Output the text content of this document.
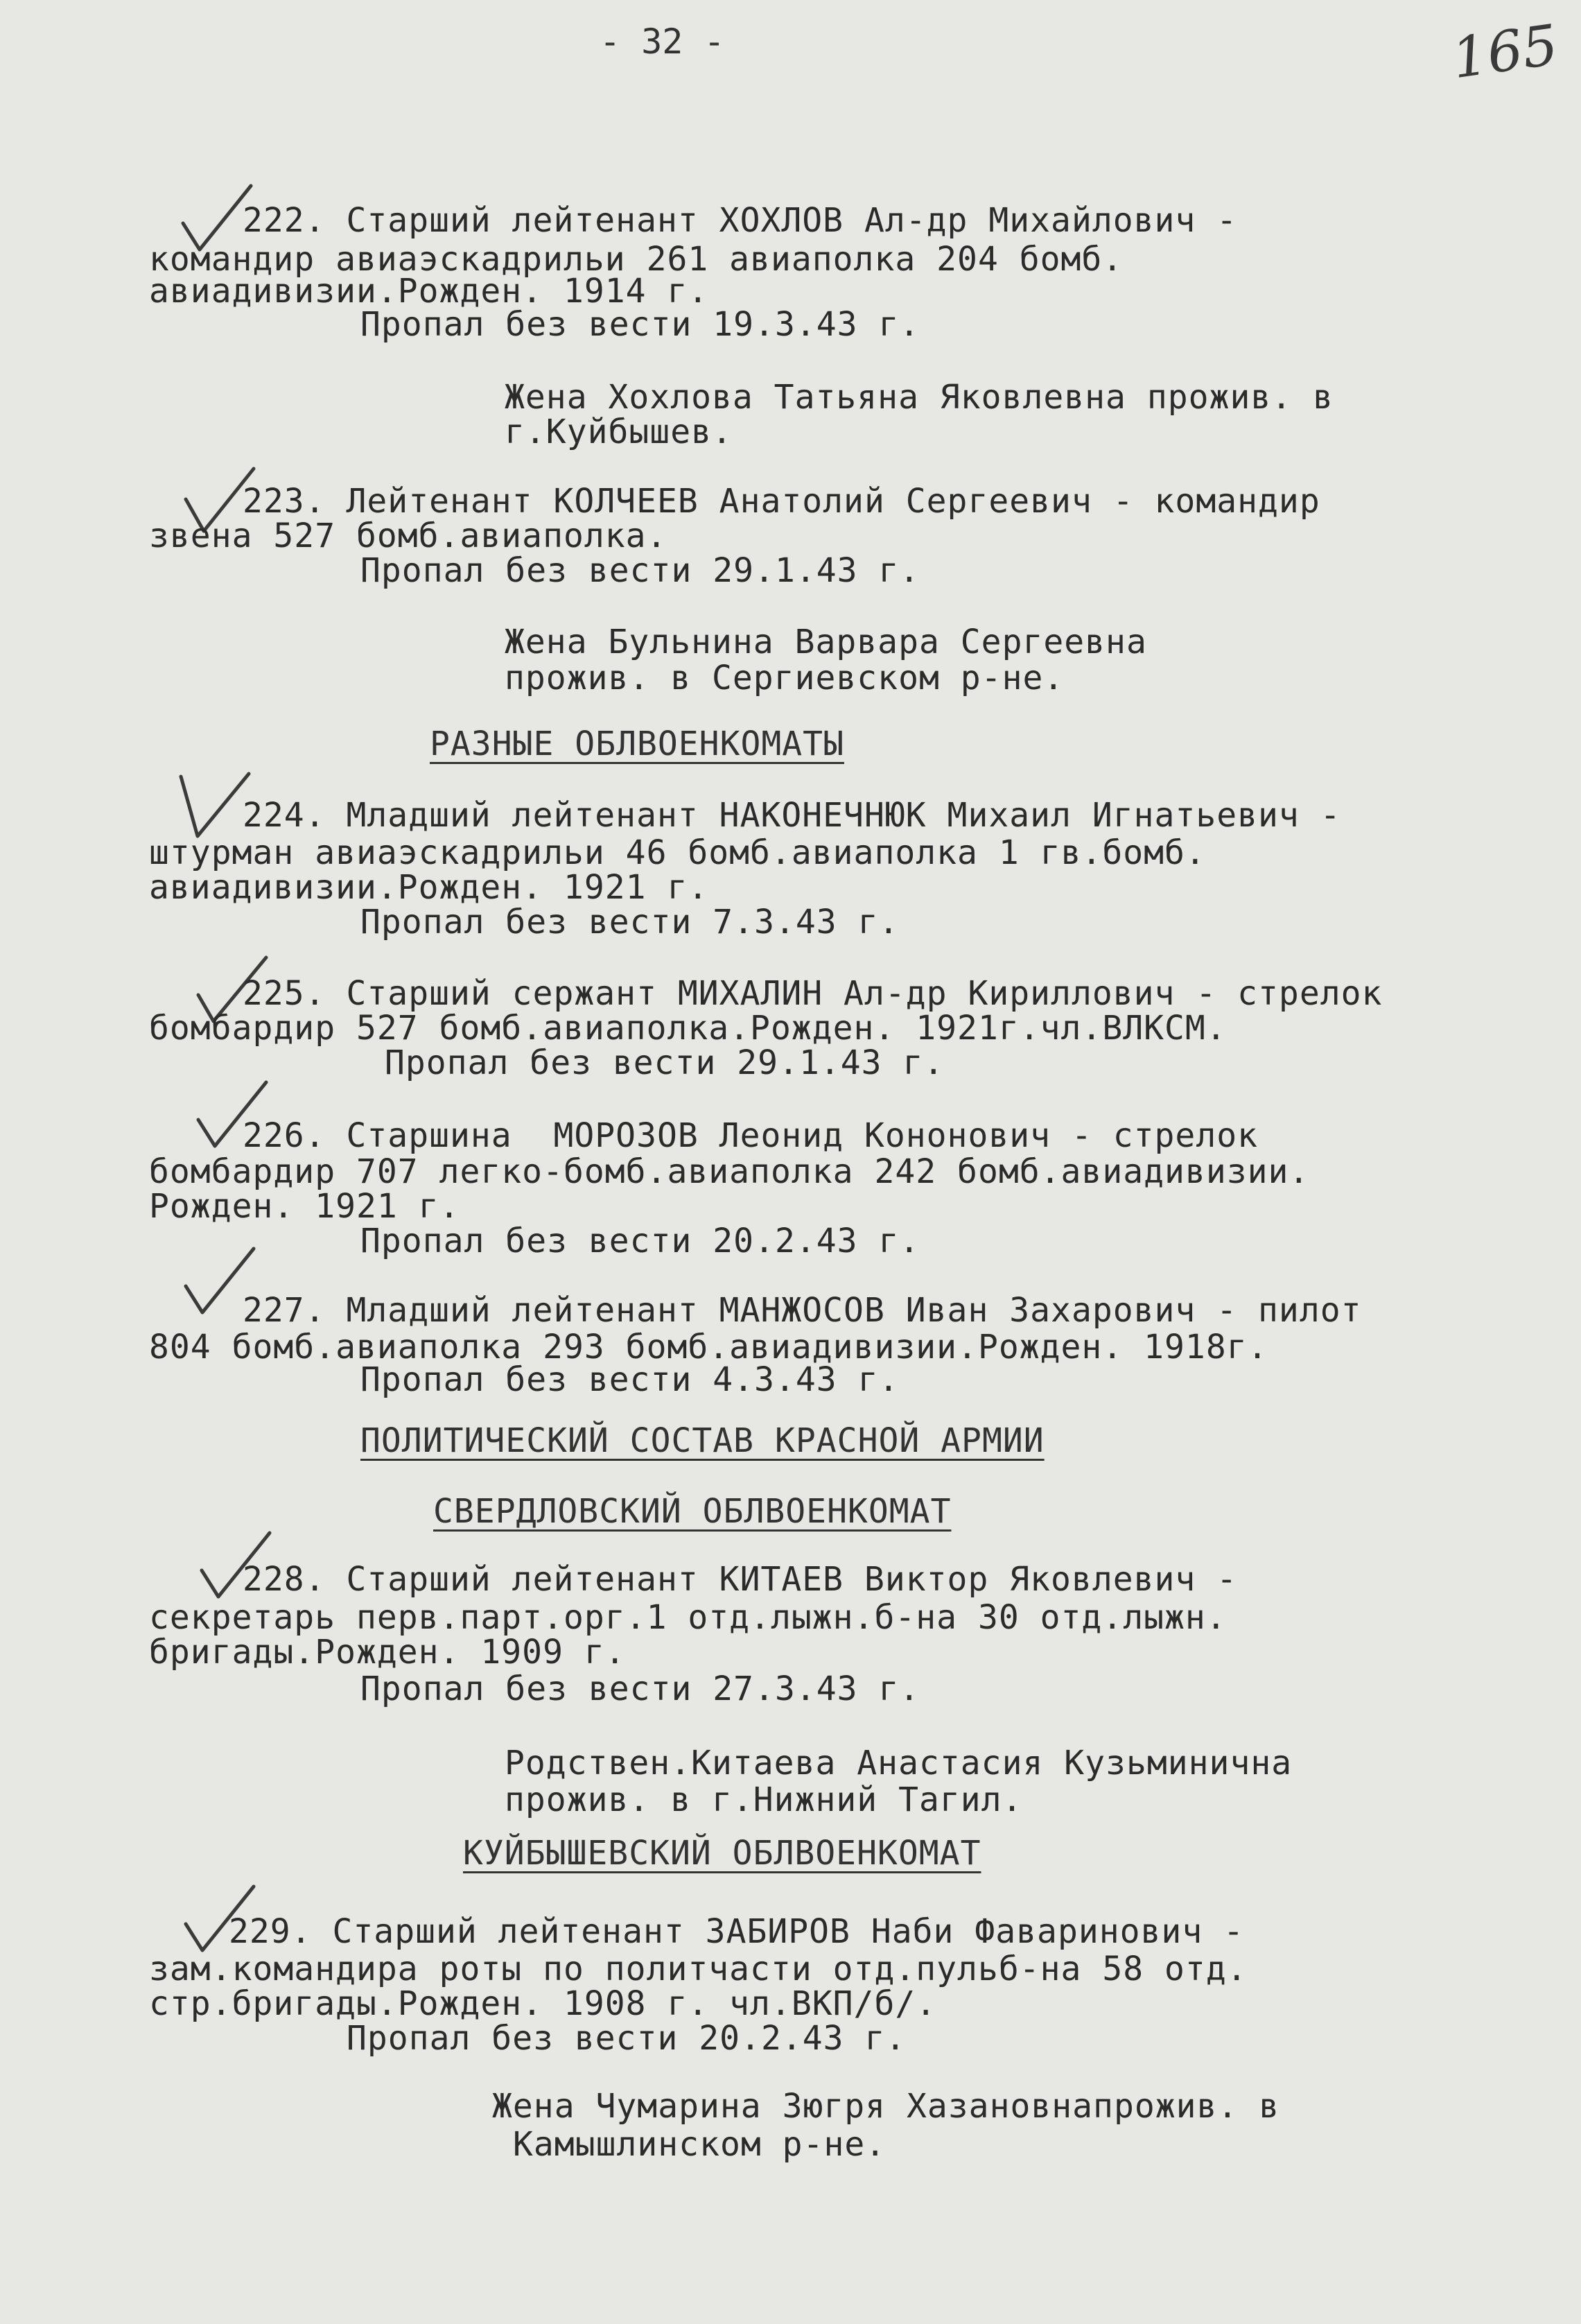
- 32 -	165
222. Старший лейтенант ХОХЛОВ Ал-др Михайлович -
командир авиаэскадрильи 261 авиаполка 204 бомб.
авиадивизии.Рожден. 1914 г.
Пропал без вести 19.3.43 г.
Жена Хохлова Татьяна Яковлевна прожив. в
г.Куйбышев.
223. Лейтенант КОЛЧЕЕВ Анатолий Сергеевич - командир
звена 527 бомб.авиаполка.
Пропал без вести 29.1.43 г.
Жена Бульнина Варвара Сергеевна
прожив. в Сергиевском р-не.
РАЗНЫЕ ОБЛВОЕНКОМАТЫ
224. Младший лейтенант НАКОНЕЧНЮК Михаил Игнатьевич -
штурман авиаэскадрильи 46 бомб.авиаполка 1 гв.бомб.
авиадивизии.Рожден. 1921 г.
Пропал без вести 7.3.43 г.
225. Старший сержант МИХАЛИН Ал-др Кириллович - стрелок
бомбардир 527 бомб.авиаполка.Рожден. 1921г.чл.ВЛКСМ.
Пропал без вести 29.1.43 г.
226. Старшина  МОРОЗОВ Леонид Кононович - стрелок
бомбардир 707 легко-бомб.авиаполка 242 бомб.авиадивизии.
Рожден. 1921 г.
Пропал без вести 20.2.43 г.
227. Младший лейтенант МАНЖОСОВ Иван Захарович - пилот
804 бомб.авиаполка 293 бомб.авиадивизии.Рожден. 1918г.
Пропал без вести 4.3.43 г.
ПОЛИТИЧЕСКИЙ СОСТАВ КРАСНОЙ АРМИИ
СВЕРДЛОВСКИЙ ОБЛВОЕНКОМАТ
228. Старший лейтенант КИТАЕВ Виктор Яковлевич -
секретарь перв.парт.орг.1 отд.лыжн.б-на 30 отд.лыжн.
бригады.Рожден. 1909 г.
Пропал без вести 27.3.43 г.
Родствен.Китаева Анастасия Кузьминична
прожив. в г.Нижний Тагил.
КУЙБЫШЕВСКИЙ ОБЛВОЕНКОМАТ
229. Старший лейтенант ЗАБИРОВ Наби Фаваринович -
зам.командира роты по политчасти отд.пульб-на 58 отд.
стр.бригады.Рожден. 1908 г. чл.ВКП/б/.
Пропал без вести 20.2.43 г.
Жена Чумарина Зюгря Хазановнапрожив. в
Камышлинском р-не.
